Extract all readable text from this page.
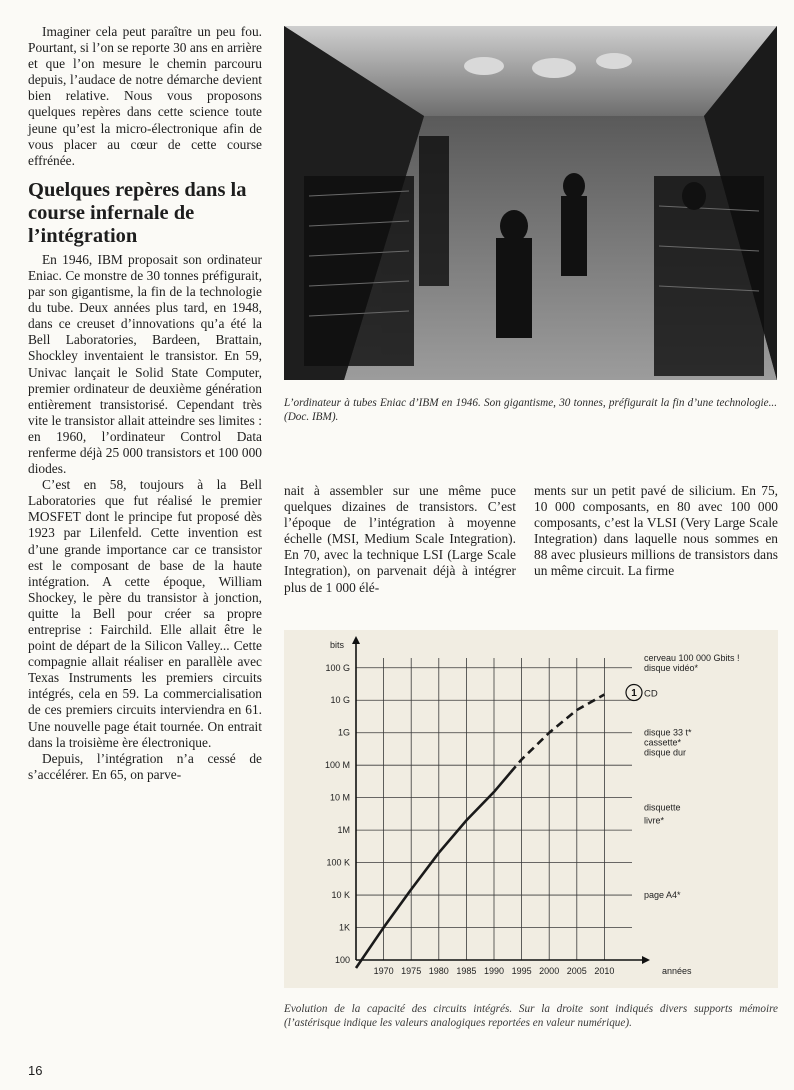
Imaginer cela peut paraître un peu fou. Pourtant, si l’on se reporte 30 ans en arrière et que l’on mesure le chemin parcouru depuis, l’audace de notre démarche devient bien relative. Nous vous proposons quelques repères dans cette science toute jeune qu’est la micro-électronique afin de vous placer au cœur de cette course effrénée.

Quelques repères dans la course infernale de l’intégration

En 1946, IBM proposait son ordinateur Eniac. Ce monstre de 30 tonnes préfigurait, par son gigantisme, la fin de la technologie du tube. Deux années plus tard, en 1948, dans ce creuset d’innovations qu’a été la Bell Laboratories, Bardeen, Brattain, Shockley inventaient le transistor. En 59, Univac lançait le Solid State Computer, premier ordinateur de deuxième génération entièrement transistorisé. Cependant très vite le transistor allait atteindre ses limites : en 1960, l’ordinateur Control Data renferme déjà 25 000 transistors et 100 000 diodes.

C’est en 58, toujours à la Bell Laboratories que fut réalisé le premier MOSFET dont le principe fut proposé dès 1923 par Lilenfeld. Cette invention est d’une grande importance car ce transistor est le composant de base de la haute intégration. A cette époque, William Shockey, le père du transistor à jonction, quitte la Bell pour créer sa propre entreprise : Fairchild. Elle allait être le point de départ de la Silicon Valley... Cette compagnie allait réaliser en parallèle avec Texas Instruments les premiers circuits intégrés, cela en 59. La commercialisation de ces premiers circuits interviendra en 61. Une nouvelle page était tournée. On entrait dans la troisième ère électronique.

Depuis, l’intégration n’a cessé de s’accélérer. En 65, on parve-

L’ordinateur à tubes Eniac d’IBM en 1946. Son gigantisme, 30 tonnes, préfigurait la fin d’une technologie... (Doc. IBM).

nait à assembler sur une même puce quelques dizaines de transistors. C’est l’époque de l’intégration à moyenne échelle (MSI, Medium Scale Integration). En 70, avec la technique LSI (Large Scale Integration), on parvenait déjà à intégrer plus de 1 000 élé-

ments sur un petit pavé de silicium. En 75, 10 000 composants, en 80 avec 100 000 composants, c’est la VLSI (Very Large Scale Integration) dans laquelle nous sommes en 88 avec plusieurs millions de transistors dans un même circuit. La firme

100
1K
10 K
100 K
1M
10 M
100 M
1G
10 G
100 G
1970 1975 1980 1985 1990 1995 2000 2005 2010
bits
années
cerveau 100 000 Gbits !
disque vidéo*
1 CD
disque 33 t*
cassette*
disque dur
disquette
livre*
page A4*
Evolution de la capacité des circuits intégrés. Sur la droite sont indiqués divers supports mémoire (l’astérisque indique les valeurs analogiques reportées en valeur numérique).
16
